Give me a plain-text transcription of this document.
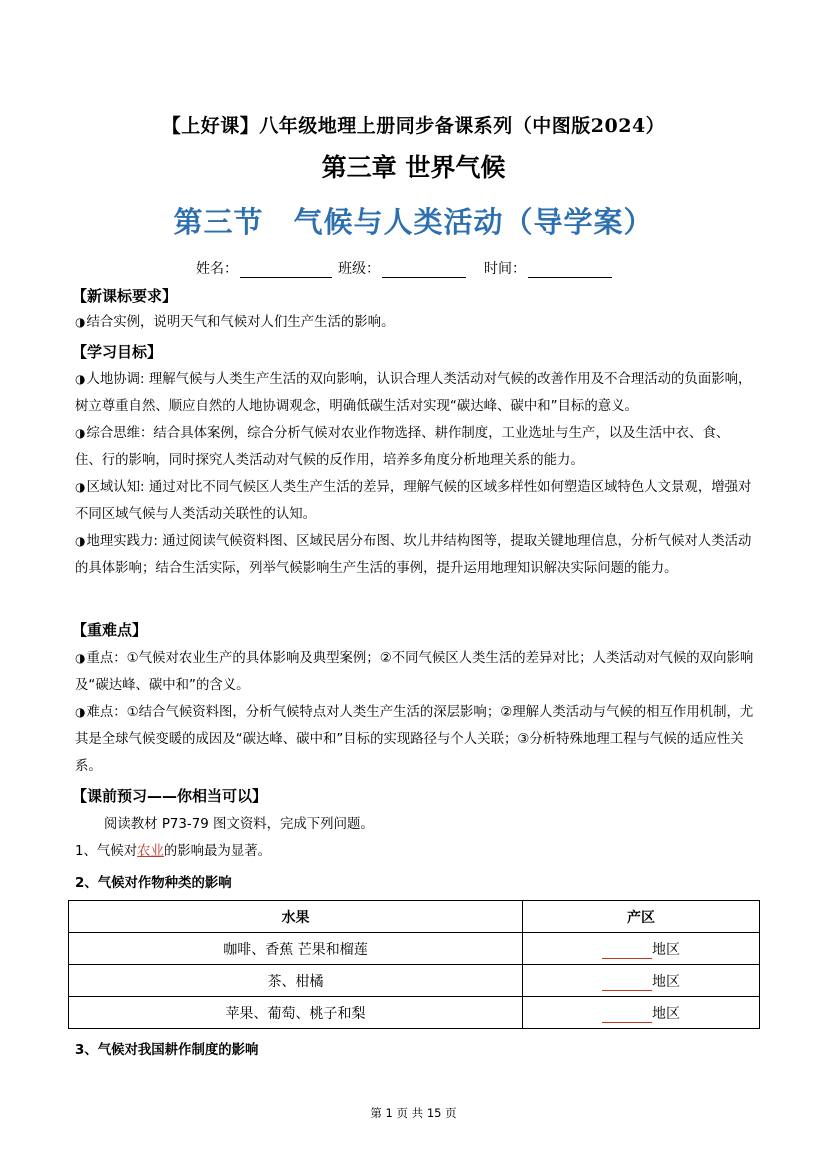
【上好课】八年级地理上册同步备课系列（中图版2024）
第三章 世界气候
第三节　气候与人类活动（导学案）
姓名：	班级：	时间：
【新课标要求】
◑结合实例，说明天气和气候对人们生产生活的影响。
【学习目标】
◑人地协调: 理解气候与人类生产生活的双向影响，认识合理人类活动对气候的改善作用及不合理活动的负面影响，树立尊重自然、顺应自然的人地协调观念，明确低碳生活对实现“碳达峰、碳中和”目标的意义。
◑综合思维：结合具体案例，综合分析气候对农业作物选择、耕作制度，工业选址与生产，以及生活中衣、食、住、行的影响，同时探究人类活动对气候的反作用，培养多角度分析地理关系的能力。
◑区域认知: 通过对比不同气候区人类生产生活的差异，理解气候的区域多样性如何塑造区域特色人文景观，增强对不同区域气候与人类活动关联性的认知。
◑地理实践力: 通过阅读气候资料图、区域民居分布图、坎儿井结构图等，提取关键地理信息，分析气候对人类活动的具体影响；结合生活实际，列举气候影响生产生活的事例，提升运用地理知识解决实际问题的能力。
【重难点】
◑重点：①气候对农业生产的具体影响及典型案例；②不同气候区人类生活的差异对比；人类活动对气候的双向影响及“碳达峰、碳中和”的含义。
◑难点：①结合气候资料图，分析气候特点对人类生产生活的深层影响；②理解人类活动与气候的相互作用机制，尤其是全球气候变暖的成因及“碳达峰、碳中和”目标的实现路径与个人关联；③分析特殊地理工程与气候的适应性关系。
【课前预习——你相当可以】
阅读教材 P73-79 图文资料，完成下列问题。
1、气候对农业的影响最为显著。
2、气候对作物种类的影响
水果	产区
咖啡、香蕉 芒果和榴莲	地区
茶、柑橘	地区
苹果、葡萄、桃子和梨	地区
3、气候对我国耕作制度的影响
第 1 页 共 15 页
